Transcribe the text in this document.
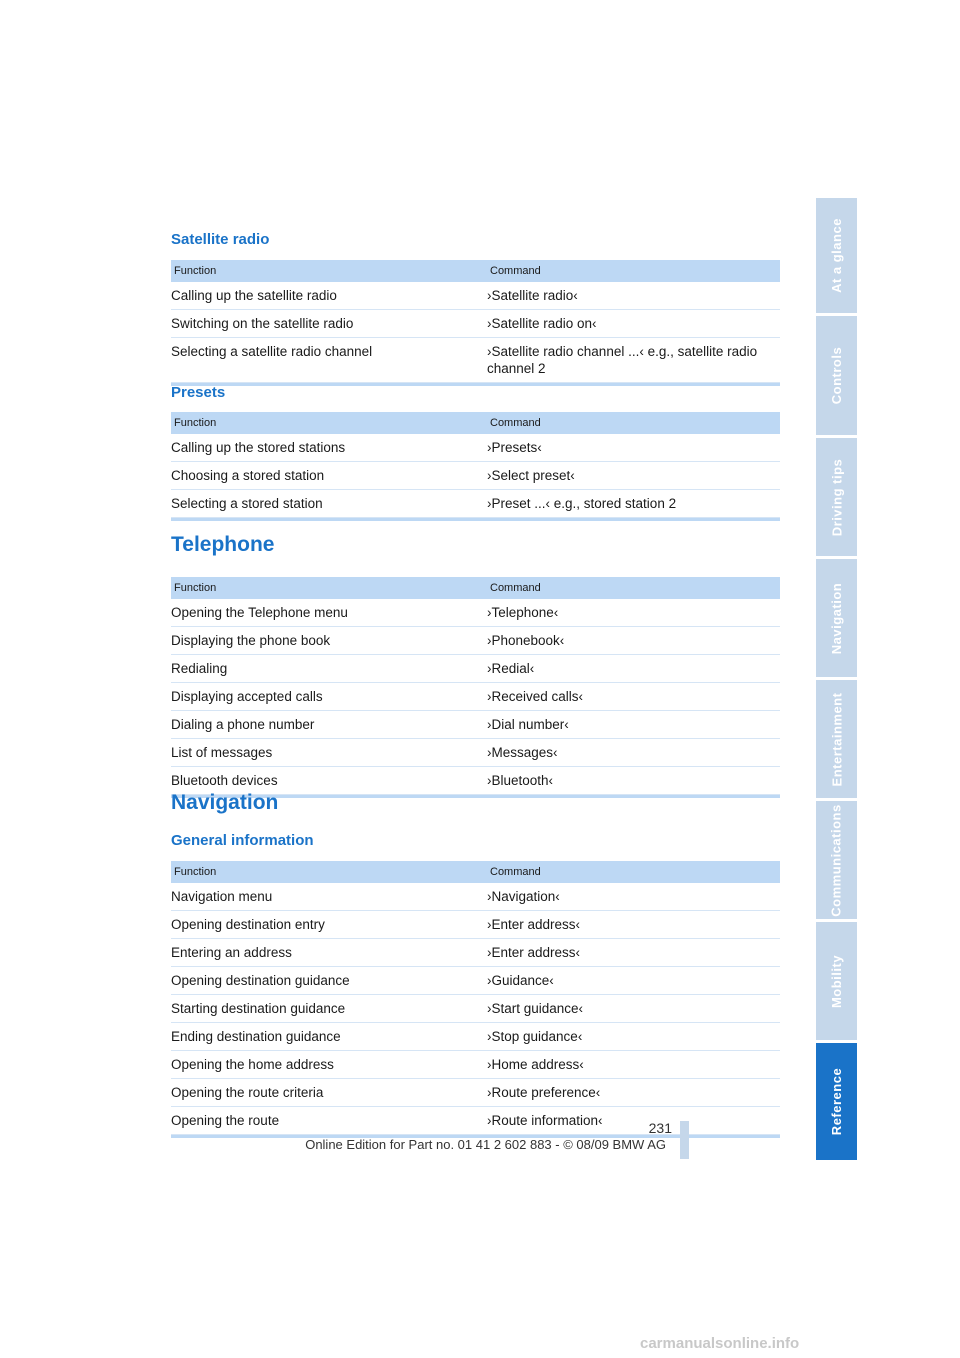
Satellite radio
Function	Command
Calling up the satellite radio	›Satellite radio‹
Switching on the satellite radio	›Satellite radio on‹
Selecting a satellite radio channel	›Satellite radio channel ...‹ e.g., satellite radio channel 2
Presets
Function	Command
Calling up the stored stations	›Presets‹
Choosing a stored station	›Select preset‹
Selecting a stored station	›Preset ...‹ e.g., stored station 2
Telephone
Function	Command
Opening the Telephone menu	›Telephone‹
Displaying the phone book	›Phonebook‹
Redialing	›Redial‹
Displaying accepted calls	›Received calls‹
Dialing a phone number	›Dial number‹
List of messages	›Messages‹
Bluetooth devices	›Bluetooth‹
Navigation
General information
Function	Command
Navigation menu	›Navigation‹
Opening destination entry	›Enter address‹
Entering an address	›Enter address‹
Opening destination guidance	›Guidance‹
Starting destination guidance	›Start guidance‹
Ending destination guidance	›Stop guidance‹
Opening the home address	›Home address‹
Opening the route criteria	›Route preference‹
Opening the route	›Route information‹
At a glance
Controls
Driving tips
Navigation
Entertainment
Communications
Mobility
Reference
231
Online Edition for Part no. 01 41 2 602 883 - © 08/09 BMW AG
carmanualsonline.info
